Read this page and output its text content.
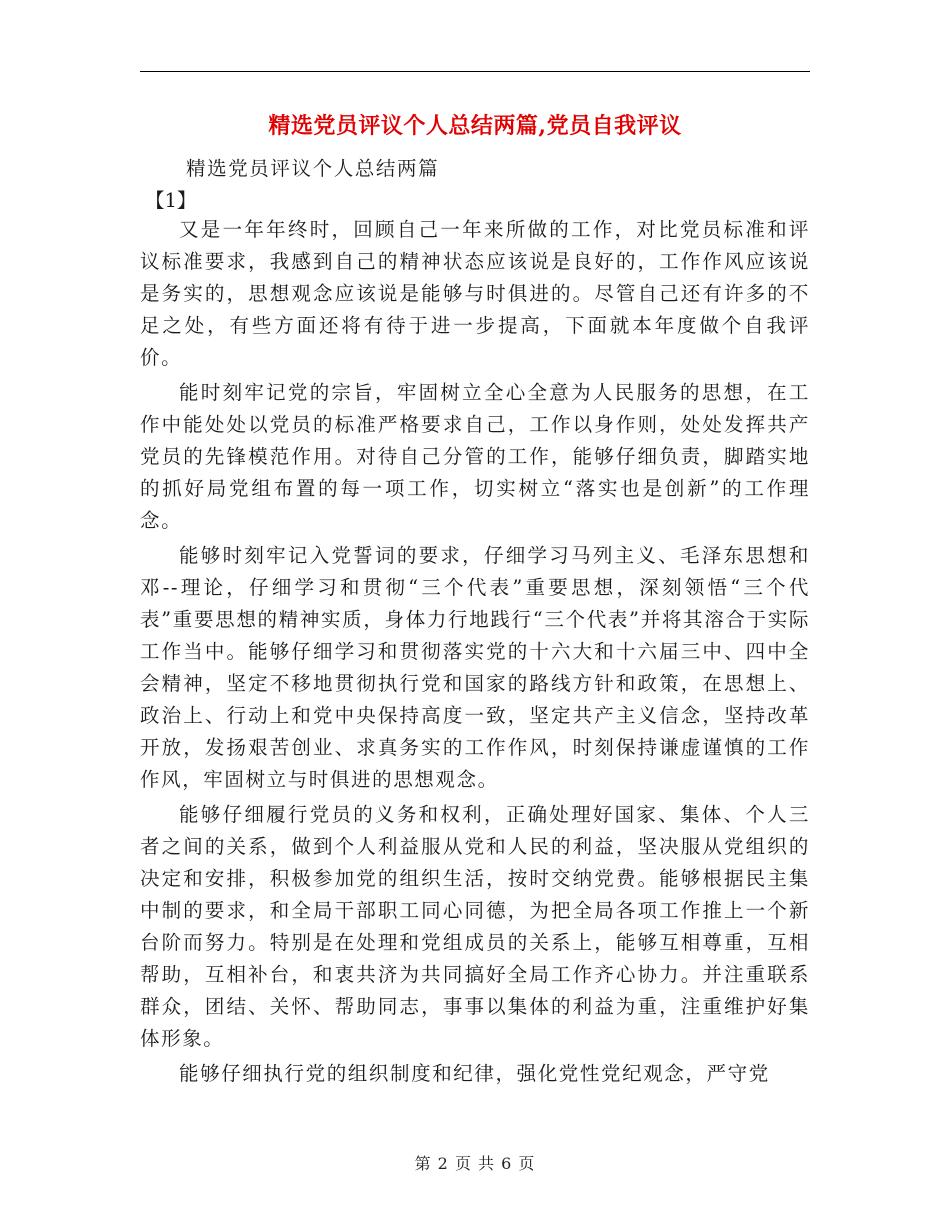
精选党员评议个人总结两篇,党员自我评议
精选党员评议个人总结两篇
【1】

又是一年年终时，回顾自己一年来所做的工作，对比党员标准和评议标准要求，我感到自己的精神状态应该说是良好的，工作作风应该说是务实的，思想观念应该说是能够与时俱进的。尽管自己还有许多的不足之处，有些方面还将有待于进一步提高，下面就本年度做个自我评价。

能时刻牢记党的宗旨，牢固树立全心全意为人民服务的思想，在工作中能处处以党员的标准严格要求自己，工作以身作则，处处发挥共产党员的先锋模范作用。对待自己分管的工作，能够仔细负责，脚踏实地的抓好局党组布置的每一项工作，切实树立“落实也是创新”的工作理念。

能够时刻牢记入党誓词的要求，仔细学习马列主义、毛泽东思想和邓--理论，仔细学习和贯彻“三个代表”重要思想，深刻领悟“三个代表”重要思想的精神实质，身体力行地践行“三个代表”并将其溶合于实际工作当中。能够仔细学习和贯彻落实党的十六大和十六届三中、四中全会精神，坚定不移地贯彻执行党和国家的路线方针和政策，在思想上、政治上、行动上和党中央保持高度一致，坚定共产主义信念，坚持改革开放，发扬艰苦创业、求真务实的工作作风，时刻保持谦虚谨慎的工作作风，牢固树立与时俱进的思想观念。

能够仔细履行党员的义务和权利，正确处理好国家、集体、个人三者之间的关系，做到个人利益服从党和人民的利益，坚决服从党组织的决定和安排，积极参加党的组织生活，按时交纳党费。能够根据民主集中制的要求，和全局干部职工同心同德，为把全局各项工作推上一个新台阶而努力。特别是在处理和党组成员的关系上，能够互相尊重，互相帮助，互相补台，和衷共济为共同搞好全局工作齐心协力。并注重联系群众，团结、关怀、帮助同志，事事以集体的利益为重，注重维护好集体形象。

能够仔细执行党的组织制度和纪律，强化党性党纪观念，严守党

第 2 页 共 6 页
